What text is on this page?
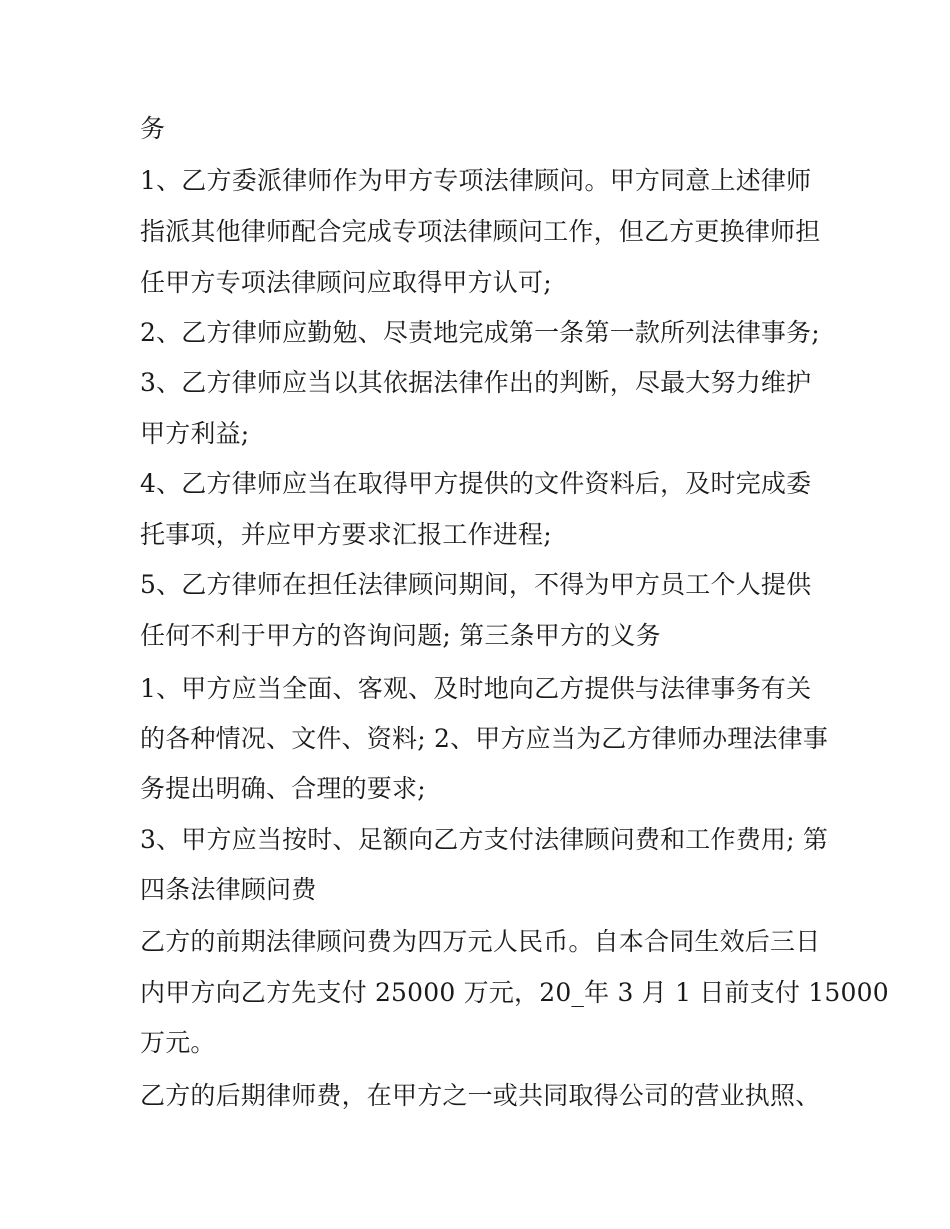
务
1、乙方委派律师作为甲方专项法律顾问。甲方同意上述律师
指派其他律师配合完成专项法律顾问工作，但乙方更换律师担
任甲方专项法律顾问应取得甲方认可;
2、乙方律师应勤勉、尽责地完成第一条第一款所列法律事务;
3、乙方律师应当以其依据法律作出的判断，尽最大努力维护
甲方利益;
4、乙方律师应当在取得甲方提供的文件资料后，及时完成委
托事项，并应甲方要求汇报工作进程;
5、乙方律师在担任法律顾问期间，不得为甲方员工个人提供
任何不利于甲方的咨询问题; 第三条甲方的义务
1、甲方应当全面、客观、及时地向乙方提供与法律事务有关
的各种情况、文件、资料; 2、甲方应当为乙方律师办理法律事
务提出明确、合理的要求;
3、甲方应当按时、足额向乙方支付法律顾问费和工作费用; 第
四条法律顾问费
乙方的前期法律顾问费为四万元人民币。自本合同生效后三日
内甲方向乙方先支付 25000 万元，20_年 3 月 1 日前支付 15000
万元。
乙方的后期律师费，在甲方之一或共同取得公司的营业执照、
